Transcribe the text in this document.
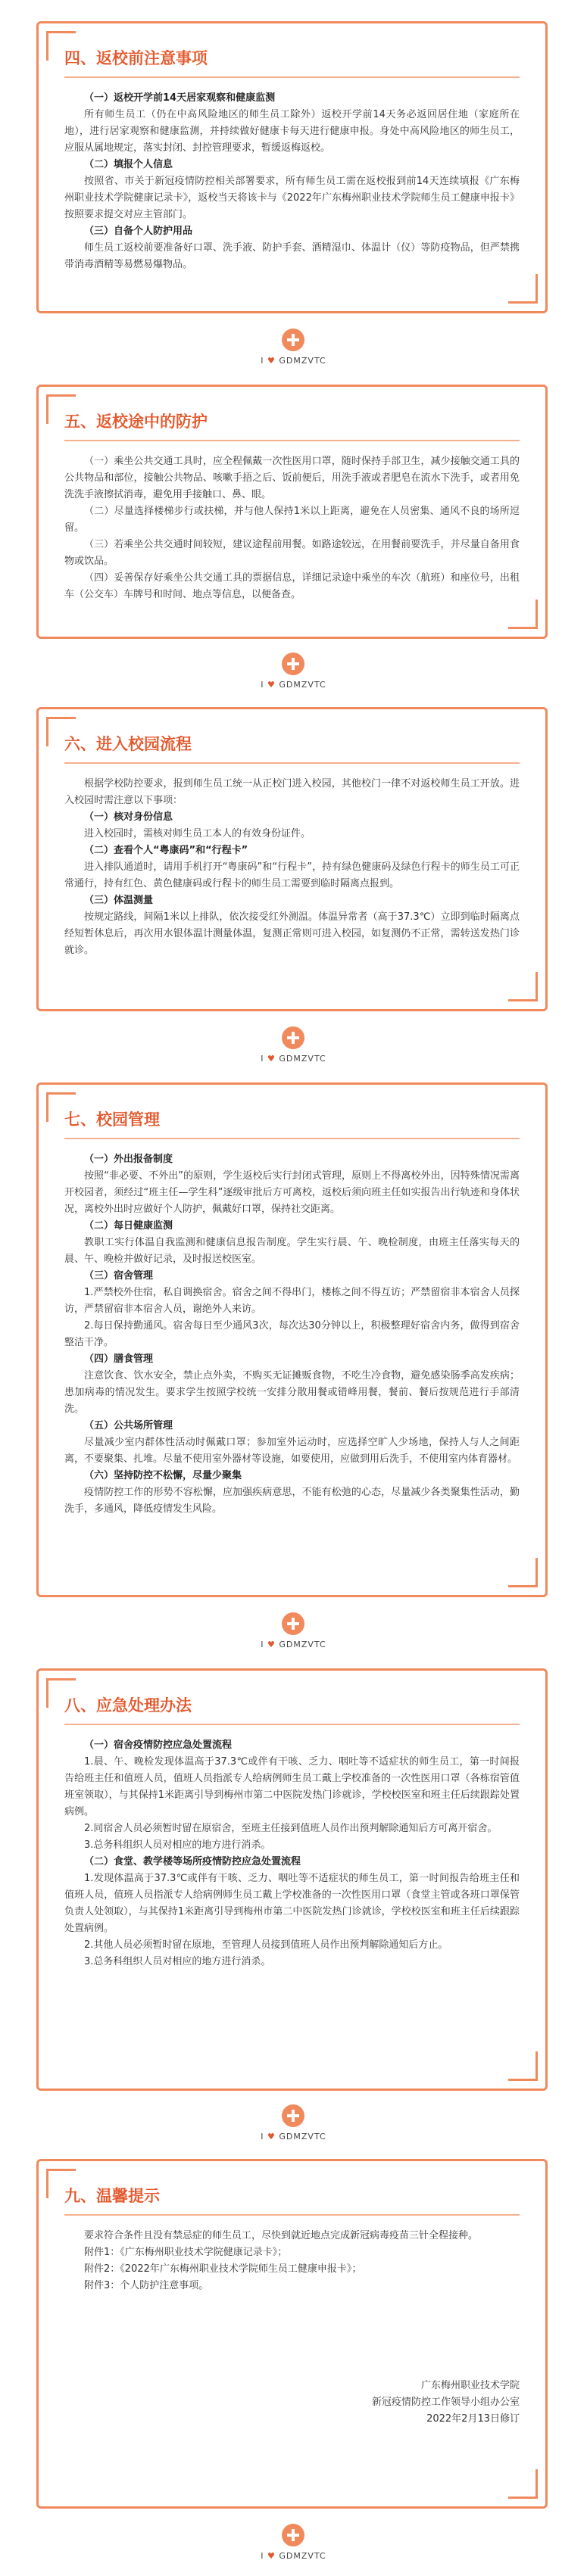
四、返校前注意事项

（一）返校开学前14天居家观察和健康监测

所有师生员工（仍在中高风险地区的师生员工除外）返校开学前14天务必返回居住地（家庭所在地），进行居家观察和健康监测，并持续做好健康卡每天进行健康申报。身处中高风险地区的师生员工，应服从属地规定，落实封闭、封控管理要求，暂缓返梅返校。

（二）填报个人信息

按照省、市关于新冠疫情防控相关部署要求，所有师生员工需在返校报到前14天连续填报《广东梅州职业技术学院健康记录卡》，返校当天将该卡与《2022年广东梅州职业技术学院师生员工健康申报卡》按照要求提交对应主管部门。

（三）自备个人防护用品

师生员工返校前要准备好口罩、洗手液、防护手套、酒精湿巾、体温计（仪）等防疫物品，但严禁携带消毒酒精等易燃易爆物品。

I ♥ GDMZVTC
五、返校途中的防护

（一）乘坐公共交通工具时，应全程佩戴一次性医用口罩，随时保持手部卫生，减少接触交通工具的公共物品和部位，接触公共物品、咳嗽手捂之后、饭前便后，用洗手液或者肥皂在流水下洗手，或者用免洗洗手液擦拭消毒，避免用手接触口、鼻、眼。

（二）尽量选择楼梯步行或扶梯，并与他人保持1米以上距离，避免在人员密集、通风不良的场所逗留。

（三）若乘坐公共交通时间较短，建议途程前用餐。如路途较远，在用餐前要洗手，并尽量自备用食物或饮品。

（四）妥善保存好乘坐公共交通工具的票据信息，详细记录途中乘坐的车次（航班）和座位号，出租车（公交车）车牌号和时间、地点等信息，以便备查。

I ♥ GDMZVTC
六、进入校园流程

根据学校防控要求，报到师生员工统一从正校门进入校园，其他校门一律不对返校师生员工开放。进入校园时需注意以下事项：

（一）核对身份信息

进入校园时，需核对师生员工本人的有效身份证件。

（二）查看个人“粤康码”和“行程卡”

进入排队通道时，请用手机打开“粤康码”和“行程卡”，持有绿色健康码及绿色行程卡的师生员工可正常通行，持有红色、黄色健康码或行程卡的师生员工需要到临时隔离点报到。

（三）体温测量

按规定路线，间隔1米以上排队，依次接受红外测温。体温异常者（高于37.3℃）立即到临时隔离点经短暂休息后，再次用水银体温计测量体温，复测正常则可进入校园，如复测仍不正常，需转送发热门诊就诊。

I ♥ GDMZVTC
七、校园管理

（一）外出报备制度

按照“非必要、不外出”的原则，学生返校后实行封闭式管理，原则上不得离校外出，因特殊情况需离开校园者，须经过“班主任—学生科”逐级审批后方可离校，返校后须向班主任如实报告出行轨迹和身体状况，离校外出时应做好个人防护，佩戴好口罩，保持社交距离。

（二）每日健康监测

教职工实行体温自我监测和健康信息报告制度。学生实行晨、午、晚检制度，由班主任落实每天的晨、午、晚检并做好记录，及时报送校医室。

（三）宿舍管理

1.严禁校外住宿，私自调换宿舍。宿舍之间不得串门，楼栋之间不得互访；严禁留宿非本宿舍人员探访，严禁留宿非本宿舍人员，谢绝外人来访。

2.每日保持勤通风。宿舍每日至少通风3次，每次达30分钟以上，积极整理好宿舍内务，做得到宿舍整洁干净。

（四）膳食管理

注意饮食、饮水安全，禁止点外卖，不购买无证摊贩食物，不吃生冷食物，避免感染肠季高发疾病；患加病毒的情况发生。要求学生按照学校统一安排分散用餐或错峰用餐，餐前、餐后按规范进行手部清洗。

（五）公共场所管理

尽量减少室内群体性活动时佩戴口罩；参加室外运动时，应选择空旷人少场地，保持人与人之间距离，不要聚集、扎堆。尽量不使用室外器材等设施，如要使用，应做到用后洗手，不使用室内体育器材。

（六）坚持防控不松懈，尽量少聚集

疫情防控工作的形势不容松懈，应加强疾病意思，不能有松弛的心态，尽量减少各类聚集性活动，勤洗手，多通风，降低疫情发生风险。

I ♥ GDMZVTC
八、应急处理办法

（一）宿舍疫情防控应急处置流程

1.晨、午、晚检发现体温高于37.3℃或伴有干咳、乏力、咽吐等不适症状的师生员工，第一时间报告给班主任和值班人员，值班人员指派专人给病例师生员工戴上学校准备的一次性医用口罩（各栋宿管值班室领取），与其保持1米距离引导到梅州市第二中医院发热门诊就诊，学校校医室和班主任后续跟踪处置病例。

2.同宿舍人员必须暂时留在原宿舍，至班主任接到值班人员作出预判解除通知后方可离开宿舍。

3.总务科组织人员对相应的地方进行消杀。

（二）食堂、教学楼等场所疫情防控应急处置流程

1.发现体温高于37.3℃或伴有干咳、乏力、咽吐等不适症状的师生员工，第一时间报告给班主任和值班人员，值班人员指派专人给病例师生员工戴上学校准备的一次性医用口罩（食堂主管或各班口罩保管负责人处领取），与其保持1米距离引导到梅州市第二中医院发热门诊就诊，学校校医室和班主任后续跟踪处置病例。

2.其他人员必须暂时留在原地，至管理人员接到值班人员作出预判解除通知后方止。

3.总务科组织人员对相应的地方进行消杀。

I ♥ GDMZVTC
九、温馨提示

要求符合条件且没有禁忌症的师生员工，尽快到就近地点完成新冠病毒疫苗三针全程接种。

附件1：《广东梅州职业技术学院健康记录卡》；

附件2：《2022年广东梅州职业技术学院师生员工健康申报卡》；

附件3：个人防护注意事项。

广东梅州职业技术学院

新冠疫情防控工作领导小组办公室

2022年2月13日修订

I ♥ GDMZVTC
